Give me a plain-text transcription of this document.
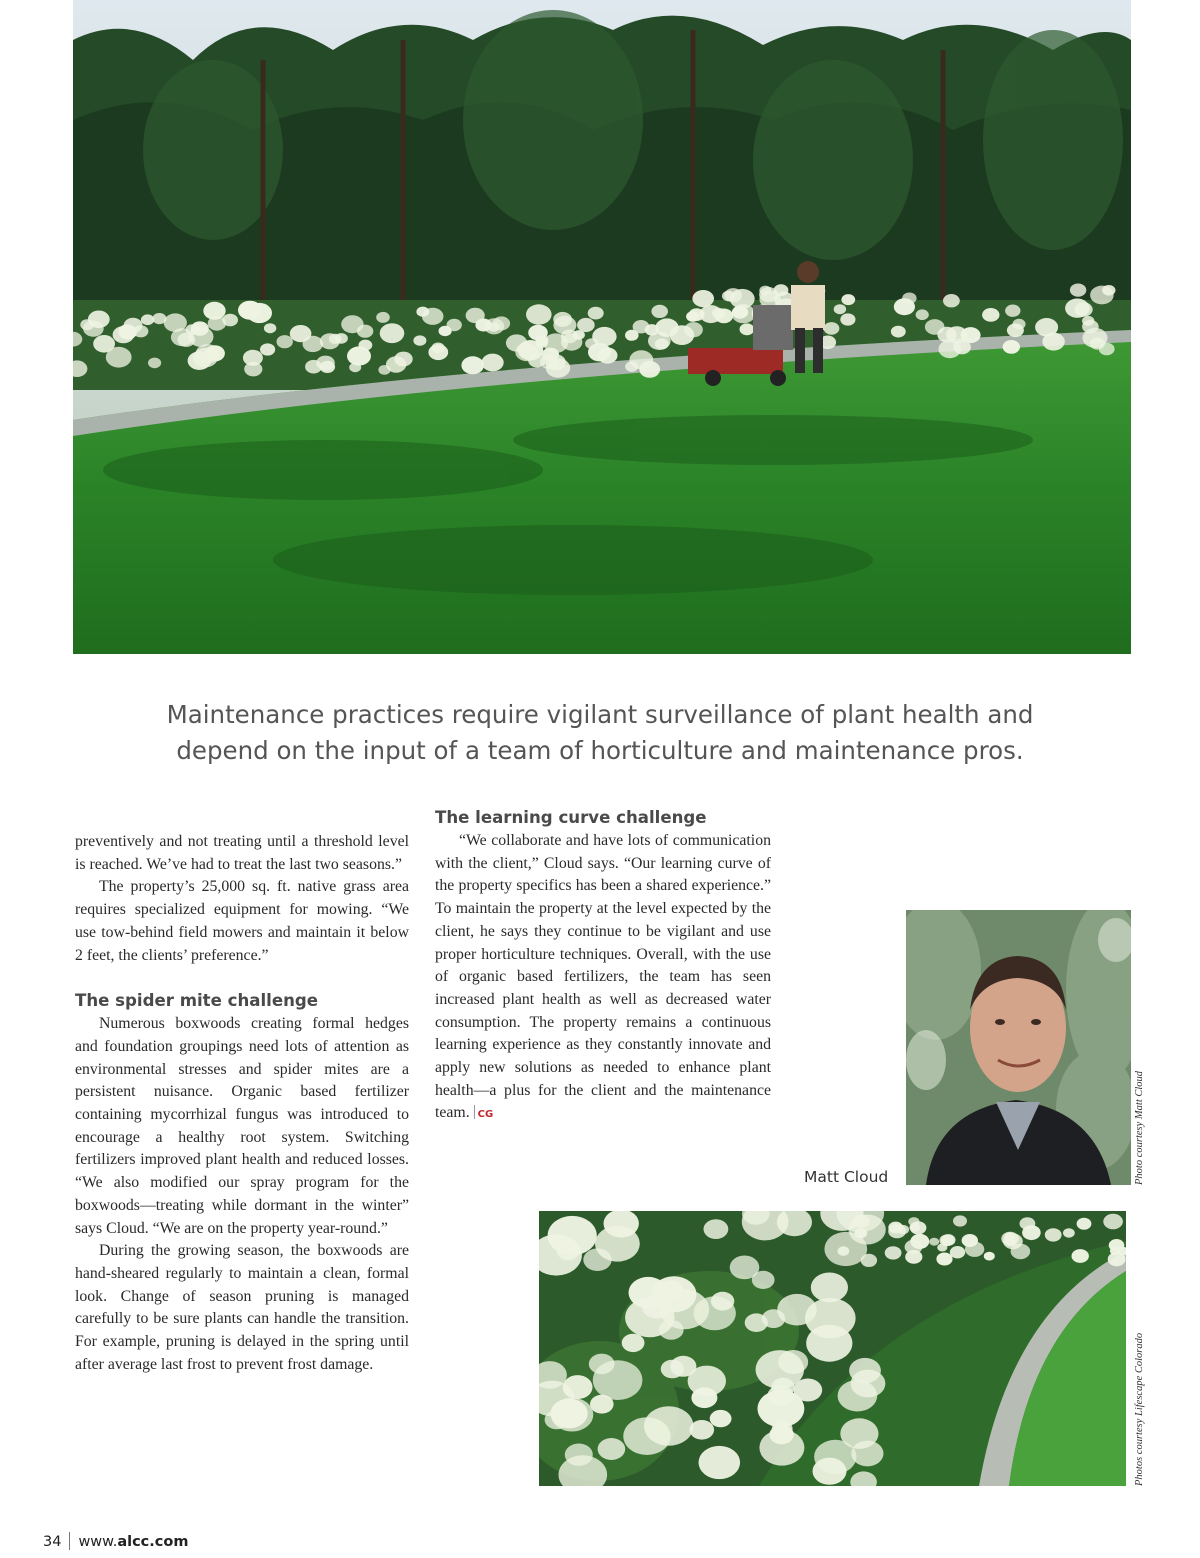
Maintenance practices require vigilant surveillance of plant health and
depend on the input of a team of horticulture and maintenance pros.

preventively and not treating until a threshold level is reached. We’ve had to treat the last two seasons.”

The property’s 25,000 sq. ft. native grass area requires specialized equipment for mowing. “We use tow-behind field mowers and maintain it below 2 feet, the clients’ preference.”

The spider mite challenge

Numerous boxwoods creating formal hedges and foundation groupings need lots of attention as environmental stresses and spider mites are a persistent nuisance. Organic based fertilizer containing mycorrhizal fungus was introduced to encourage a healthy root system. Switching fertilizers improved plant health and reduced losses. “We also modified our spray program for the boxwoods—treating while dormant in the winter” says Cloud. “We are on the property year-round.”

During the growing season, the boxwoods are hand-sheared regularly to maintain a clean, formal look. Change of season pruning is managed carefully to be sure plants can handle the transition. For example, pruning is delayed in the spring until after average last frost to prevent frost damage.

The learning curve challenge

“We collaborate and have lots of communication with the client,” Cloud says. “Our learning curve of the property specifics has been a shared experience.” To maintain the property at the level expected by the client, he says they continue to be vigilant and use proper horticulture techniques. Overall, with the use of organic based fertilizers, the team has seen increased plant health as well as decreased water consumption. The property remains a continuous learning experience as they constantly innovate and apply new solutions as needed to enhance plant health—a plus for the client and the maintenance team. CG

Matt Cloud	Photo courtesy Matt Cloud
Photos courtesy Lifescape Colorado
34 www.alcc.com
